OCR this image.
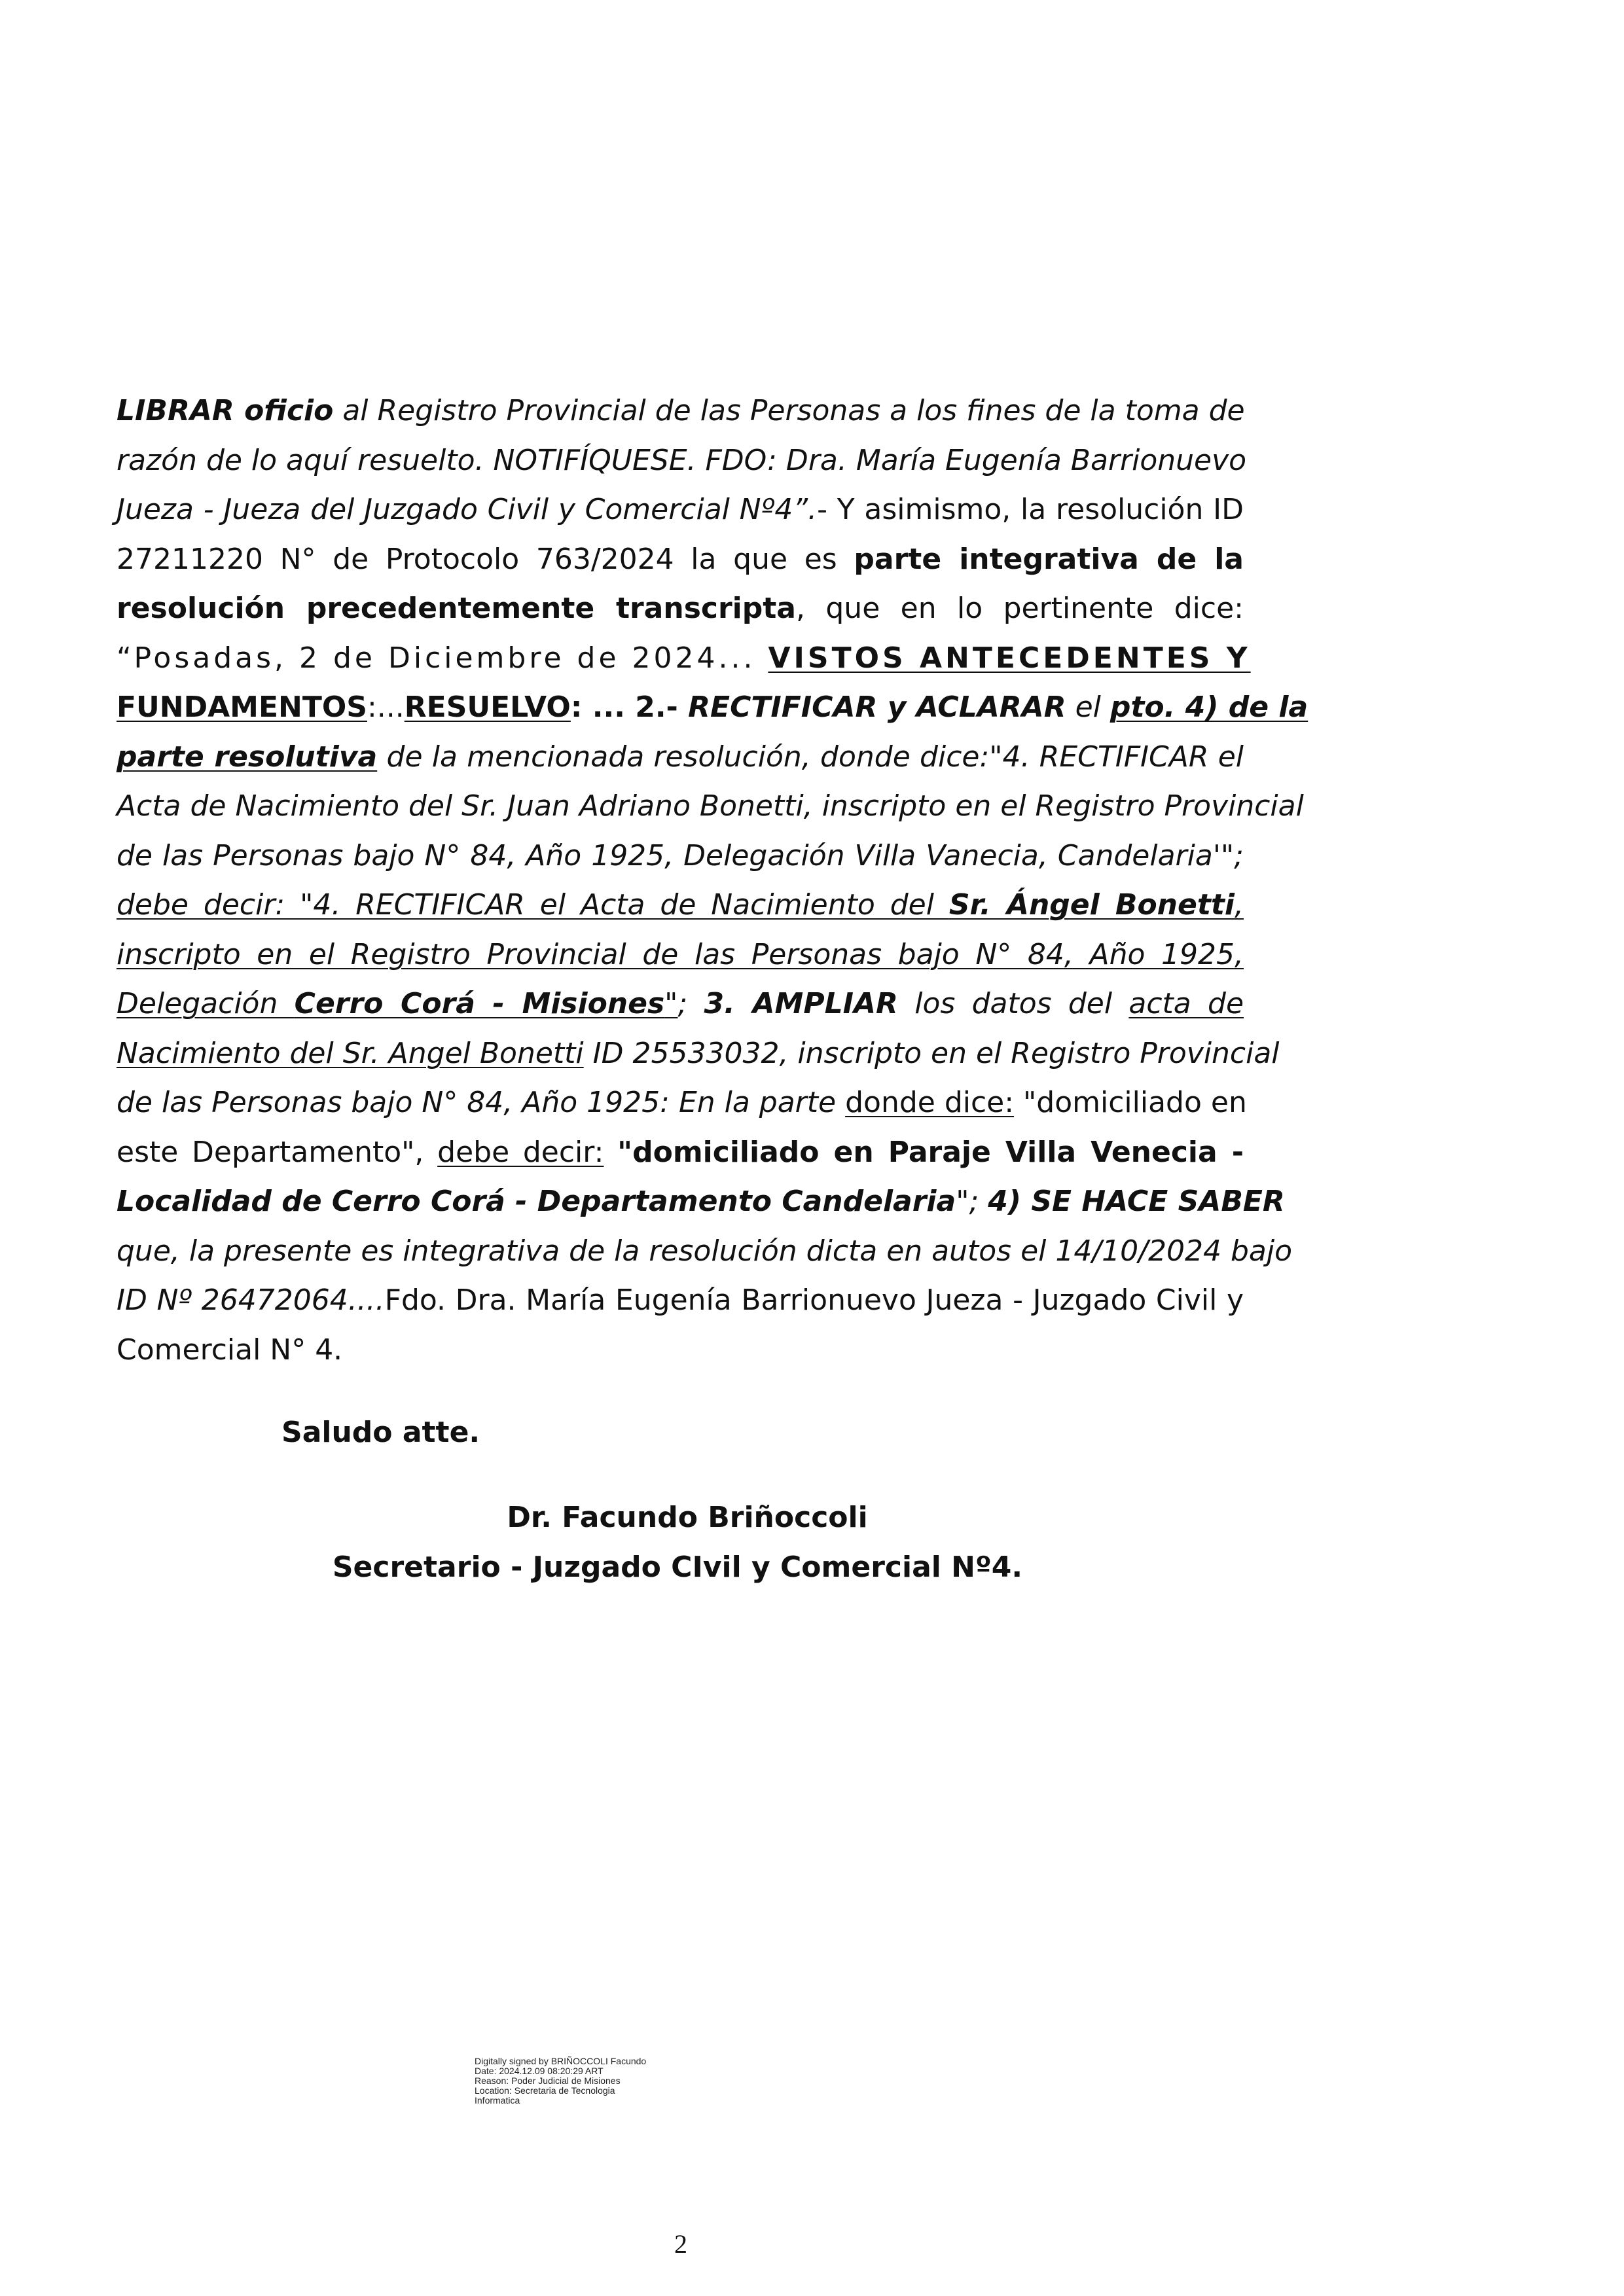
LIBRAR oficio al Registro Provincial de las Personas a los fines de la toma de
razón de lo aquí resuelto. NOTIFÍQUESE. FDO: Dra. María Eugenía Barrionuevo
Jueza - Jueza del Juzgado Civil y Comercial Nº4”.- Y asimismo, la resolución ID
27211220 N° de Protocolo 763/2024 la que es parte integrativa de la
resolución precedentemente transcripta, que en lo pertinente dice:
“Posadas, 2 de Diciembre de 2024... VISTOS ANTECEDENTES Y
FUNDAMENTOS:...RESUELVO: ... 2.- RECTIFICAR y ACLARAR el pto. 4) de la
parte resolutiva de la mencionada resolución, donde dice:"4. RECTIFICAR el
Acta de Nacimiento del Sr. Juan Adriano Bonetti, inscripto en el Registro Provincial
de las Personas bajo N° 84, Año 1925, Delegación Villa Vanecia, Candelaria'";
debe decir: "4. RECTIFICAR el Acta de Nacimiento del Sr. Ángel Bonetti,
inscripto en el Registro Provincial de las Personas bajo N° 84, Año 1925,
Delegación Cerro Corá - Misiones"; 3. AMPLIAR los datos del acta de
Nacimiento del Sr. Angel Bonetti ID 25533032, inscripto en el Registro Provincial
de las Personas bajo N° 84, Año 1925: En la parte donde dice: "domiciliado en
este Departamento", debe decir: "domiciliado en Paraje Villa Venecia -
Localidad de Cerro Corá - Departamento Candelaria"; 4) SE HACE SABER
que, la presente es integrativa de la resolución dicta en autos el 14/10/2024 bajo
ID Nº 26472064....Fdo. Dra. María Eugenía Barrionuevo Jueza - Juzgado Civil y
Comercial N° 4.
Saludo atte.
Dr. Facundo Briñoccoli
Secretario - Juzgado CIvil y Comercial Nº4.
Digitally signed by BRIÑOCCOLI Facundo
Date: 2024.12.09 08:20:29 ART
Reason: Poder Judicial de Misiones
Location: Secretaria de Tecnologia
Informatica
2
